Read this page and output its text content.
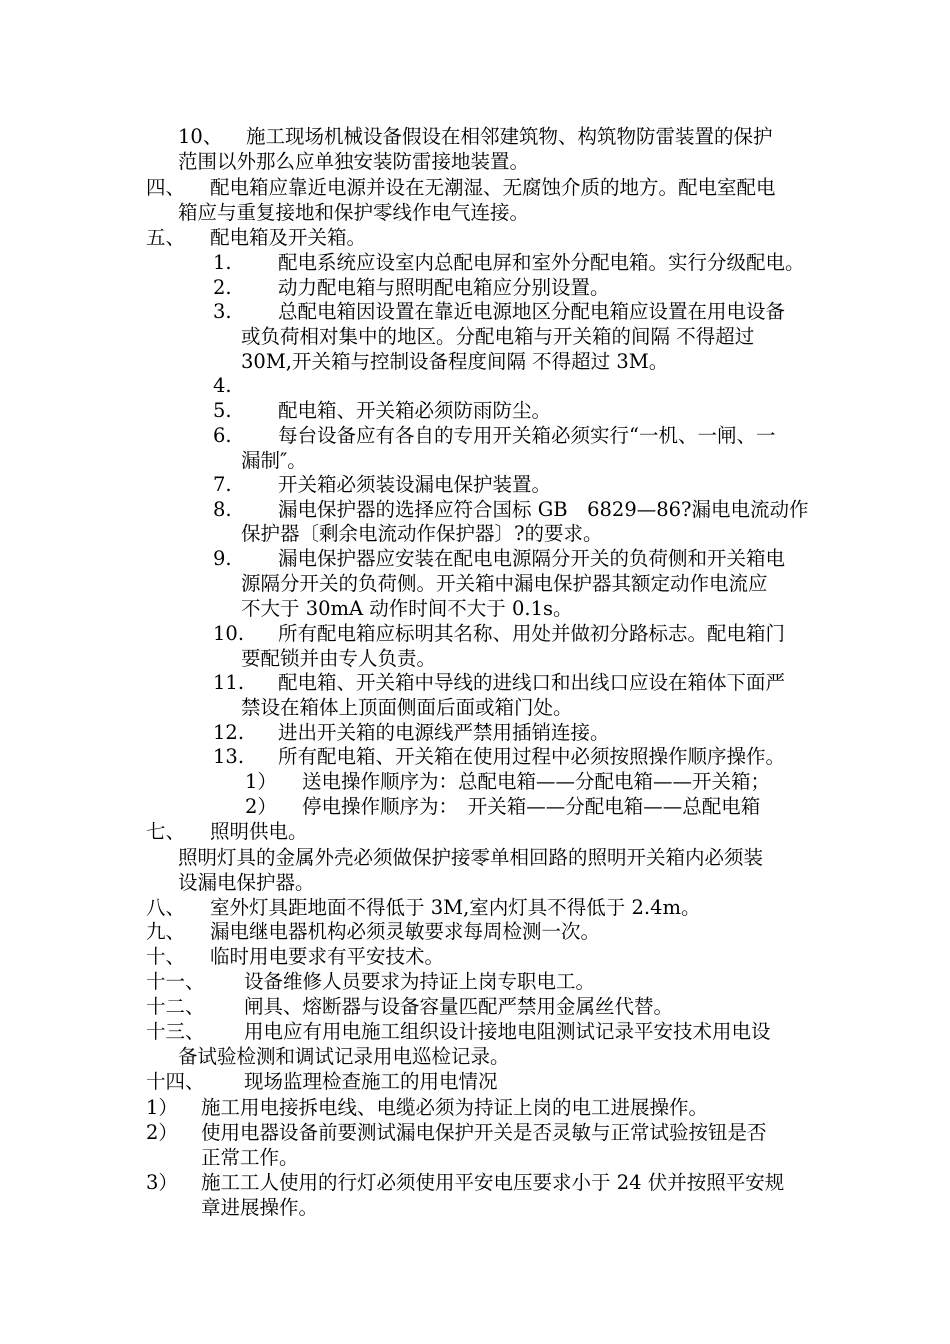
10、 施工现场机械设备假设在相邻建筑物、构筑物防雷装置的保护
范围以外那么应单独安装防雷接地装置。
四、 配电箱应靠近电源并设在无潮湿、无腐蚀介质的地方。配电室配电
箱应与重复接地和保护零线作电气连接。
五、 配电箱及开关箱。
1. 配电系统应设室内总配电屏和室外分配电箱。实行分级配电。
2. 动力配电箱与照明配电箱应分别设置。
3. 总配电箱因设置在靠近电源地区分配电箱应设置在用电设备
或负荷相对集中的地区。分配电箱与开关箱的间隔 不得超过
30M,开关箱与控制设备程度间隔 不得超过 3M。
4.
5. 配电箱、开关箱必须防雨防尘。
6. 每台设备应有各自的专用开关箱必须实行“一机、一闸、一
漏制″。
7. 开关箱必须装设漏电保护装置。
8. 漏电保护器的选择应符合国标 GB　6829—86?漏电电流动作
保护器〔剩余电流动作保护器〕?的要求。
9. 漏电保护器应安装在配电电源隔分开关的负荷侧和开关箱电
源隔分开关的负荷侧。开关箱中漏电保护器其额定动作电流应
不大于 30mA 动作时间不大于 0.1s。
10. 所有配电箱应标明其名称、用处并做初分路标志。配电箱门
要配锁并由专人负责。
11. 配电箱、开关箱中导线的进线口和出线口应设在箱体下面严
禁设在箱体上顶面侧面后面或箱门处。
12. 进出开关箱的电源线严禁用插销连接。
13. 所有配电箱、开关箱在使用过程中必须按照操作顺序操作。
1） 送电操作顺序为：总配电箱——分配电箱——开关箱；
2） 停电操作顺序为：　开关箱——分配电箱——总配电箱
七、 照明供电。
照明灯具的金属外壳必须做保护接零单相回路的照明开关箱内必须装
设漏电保护器。
八、 室外灯具距地面不得低于 3M,室内灯具不得低于 2.4m。
九、 漏电继电器机构必须灵敏要求每周检测一次。
十、 临时用电要求有平安技术。
十一、 设备维修人员要求为持证上岗专职电工。
十二、 闸具、熔断器与设备容量匹配严禁用金属丝代替。
十三、 用电应有用电施工组织设计接地电阻测试记录平安技术用电设
备试验检测和调试记录用电巡检记录。
十四、 现场监理检查施工的用电情况
1） 施工用电接拆电线、电缆必须为持证上岗的电工进展操作。
2） 使用电器设备前要测试漏电保护开关是否灵敏与正常试验按钮是否
正常工作。
3） 施工工人使用的行灯必须使用平安电压要求小于 24 伏并按照平安规
章进展操作。
